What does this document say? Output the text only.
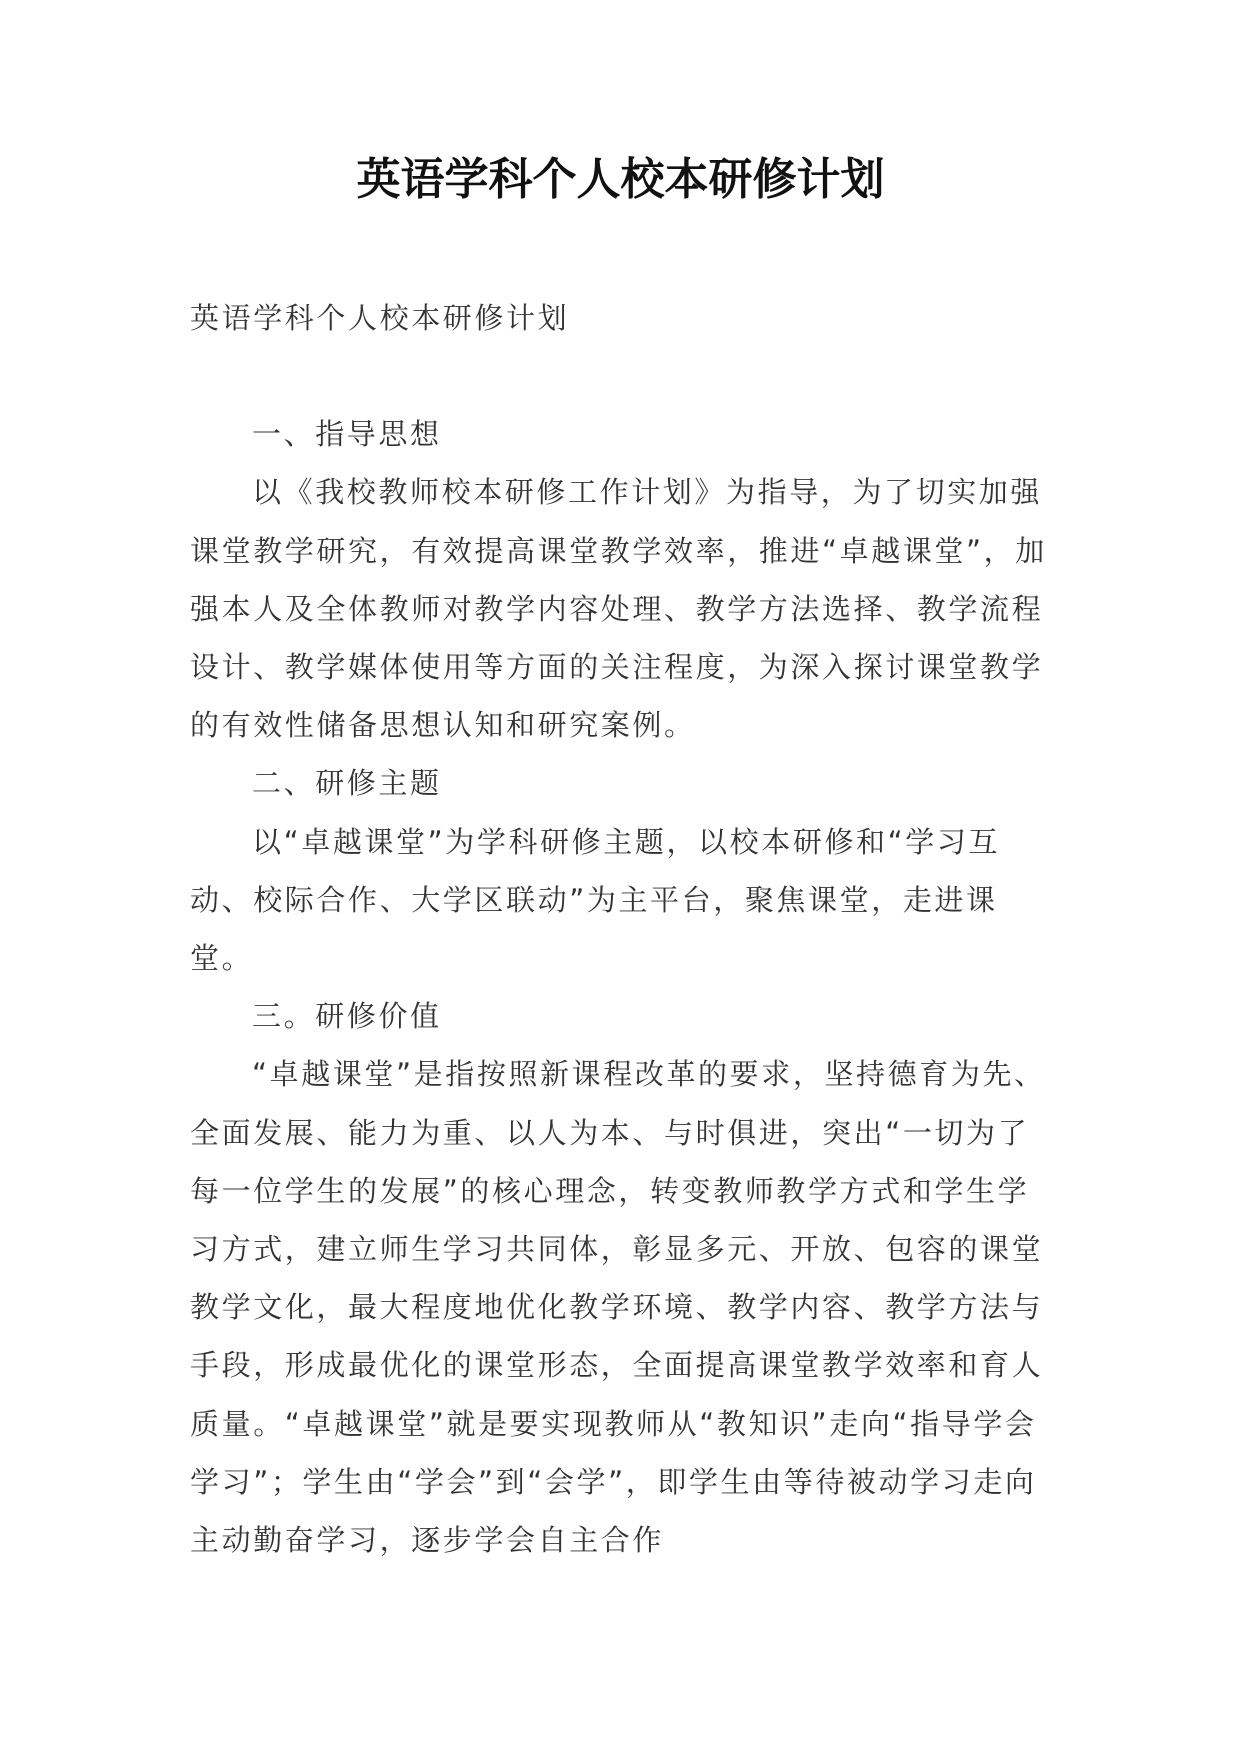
英语学科个人校本研修计划

英语学科个人校本研修计划

一、指导思想

以《我校教师校本研修工作计划》为指导，为了切实加强课堂教学研究，有效提高课堂教学效率，推进“卓越课堂”，加强本人及全体教师对教学内容处理、教学方法选择、教学流程设计、教学媒体使用等方面的关注程度，为深入探讨课堂教学的有效性储备思想认知和研究案例。

二、研修主题

以“卓越课堂”为学科研修主题，以校本研修和“学习互动、校际合作、大学区联动”为主平台，聚焦课堂，走进课堂。

三。研修价值

“卓越课堂”是指按照新课程改革的要求，坚持德育为先、全面发展、能力为重、以人为本、与时俱进，突出“一切为了每一位学生的发展”的核心理念，转变教师教学方式和学生学习方式，建立师生学习共同体，彰显多元、开放、包容的课堂教学文化，最大程度地优化教学环境、教学内容、教学方法与手段，形成最优化的课堂形态，全面提高课堂教学效率和育人质量。“卓越课堂”就是要实现教师从“教知识”走向“指导学会学习”；学生由“学会”到“会学”，即学生由等待被动学习走向主动勤奋学习，逐步学会自主合作
